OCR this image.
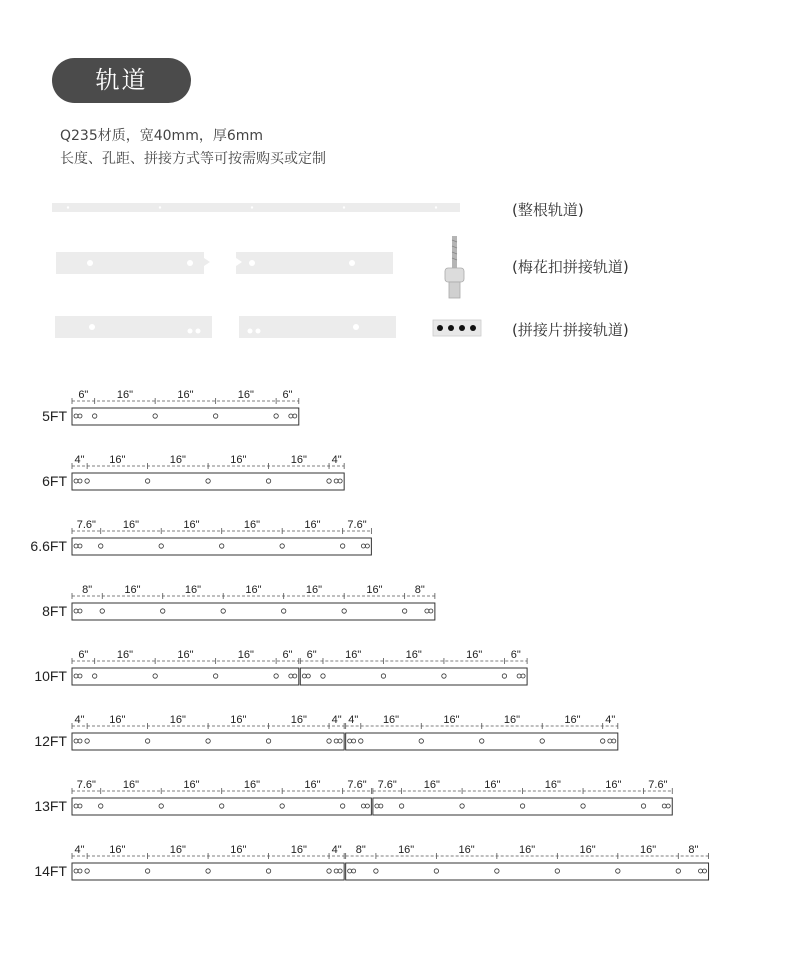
轨道
Q235材质，宽40mm，厚6mm
长度、孔距、拼接方式等可按需购买或定制
(整根轨道)
(梅花扣拼接轨道)
(拼接片拼接轨道)
5FT
6"	16"	16"	16"	6"
6FT
4" 16"	16"	16"	16" 4"
6.6FT
7.6" 16"	16"	16"	16" 7.6"
8FT
8"	16"	16"	16"	16"	16"	8"
10FT
6"	16"	16"	16"	6" 6"	16"	16"	16"	6"
12FT
4" 16"	16"	16"	16" 4" 4" 16"	16"	16"	16" 4"
13FT
7.6" 16"	16"	16"	16" 7.6" 7.6" 16"	16"	16"	16" 7.6"
14FT
4" 16"	16"	16"	16" 4" 8"	16"	16"	16"	16"	16"	8"
